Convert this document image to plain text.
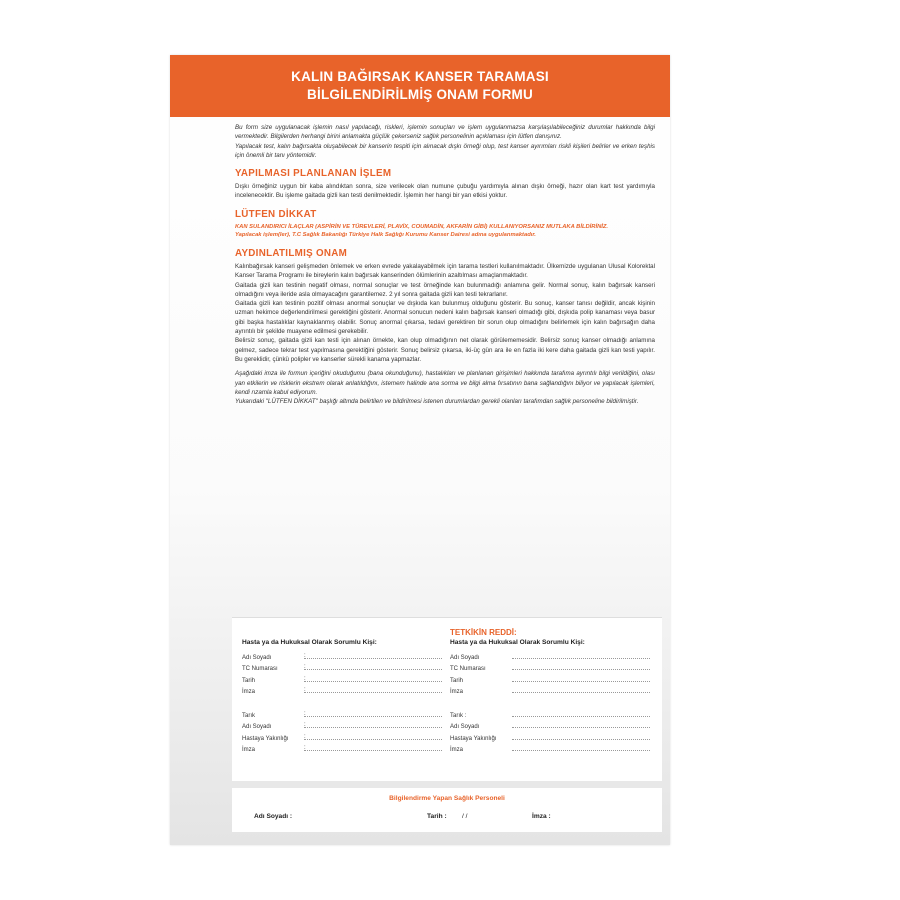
KALIN BAĞIRSAK KANSER TARAMASI
BİLGİLENDİRİLMİŞ ONAM FORMU

Bu form size uygulanacak işlemin nasıl yapılacağı, riskleri, işlemin sonuçları ve işlem uygulanmazsa karşılaşılabileceğiniz durumlar hakkında bilgi vermektedir. Bilgilerden herhangi birini anlamakta güçlük çekerseniz sağlık personelinin açıklaması için lütfen danışınız.

Yapılacak test, kalın bağırsakta oluşabilecek bir kanserin tespiti için alınacak dışkı örneği olup, test kanser ayırımları riskli kişileri belirler ve erken teşhis için önemli bir tanı yöntemidir.

YAPILMASI PLANLANAN İŞLEM

Dışkı örneğiniz uygun bir kaba alındıktan sonra, size verilecek olan numune çubuğu yardımıyla alınan dışkı örneği, hazır olan kart test yardımıyla incelenecektir. Bu işleme gaitada gizli kan testi denilmektedir. İşlemin her hangi bir yan etkisi yoktur.

LÜTFEN DİKKAT
KAN SULANDIRICI İLAÇLAR (ASPİRİN VE TÜREVLERİ, PLAVİX, COUMADİN, AKFARİN GİBİ) KULLANIYORSANIZ MUTLAKA BİLDİRİNİZ.
Yapılacak işlem(ler), T.C Sağlık Bakanlığı Türkiye Halk Sağlığı Kurumu Kanser Dairesi adına uygulanmaktadır.
AYDINLATILMIŞ ONAM

Kalınbağırsak kanseri gelişmeden önlemek ve erken evrede yakalayabilmek için tarama testleri kullanılmaktadır. Ülkemizde uygulanan Ulusal Kolorektal Kanser Tarama Programı ile bireylerin kalın bağırsak kanserinden ölümlerinin azaltılması amaçlanmaktadır.

Gaitada gizli kan testinin negatif olması, normal sonuçlar ve test örneğinde kan bulunmadığı anlamına gelir. Normal sonuç, kalın bağırsak kanseri olmadığını veya ileride asla olmayacağını garantilemez. 2 yıl sonra gaitada gizli kan testi tekrarlanır.

Gaitada gizli kan testinin pozitif olması anormal sonuçlar ve dışkıda kan bulunmuş olduğunu gösterir. Bu sonuç, kanser tanısı değildir, ancak kişinin uzman hekimce değerlendirilmesi gerektiğini gösterir. Anormal sonucun nedeni kalın bağırsak kanseri olmadığı gibi, dışkıda polip kanaması veya basur gibi başka hastalıklar kaynaklanmış olabilir. Sonuç anormal çıkarsa, tedavi gerektiren bir sorun olup olmadığını belirlemek için kalın bağırsağın daha ayrıntılı bir şekilde muayene edilmesi gerekebilir.

Belirsiz sonuç, gaitada gizli kan testi için alınan örnekte, kan olup olmadığının net olarak görülememesidir. Belirsiz sonuç kanser olmadığı anlamına gelmez, sadece tekrar test yapılmasına gerektiğini gösterir. Sonuç belirsiz çıkarsa, iki-üç gün ara ile en fazla iki kere daha gaitada gizli kan testi yapılır. Bu gereklidir, çünkü polipler ve kanserler sürekli kanama yapmazlar.

Aşağıdaki imza ile formun içeriğini okuduğumu (bana okunduğunu), hastalıkları ve planlanan girişimleri hakkında tarafıma ayrıntılı bilgi verildiğini, olası yan etkilerin ve risklerin ekstrem olarak anlatıldığını, istemem halinde ana sorma ve bilgi alma fırsatının bana sağlandığını biliyor ve yapılacak işlemleri, kendi rızamla kabul ediyorum.

Yukarıdaki "LÜTFEN DİKKAT" başlığı altında belirtilen ve bildirilmesi istenen durumlardan gerekli olanları tarafımdan sağlık personeline bildirilmiştir.

Hasta ya da Hukuksal Olarak Sorumlu Kişi:
Adı Soyadı	:
TC Numarası	:
Tarih	:
İmza	:
Tarık	:
Adı Soyadı	:
Hastaya Yakınlığı	:
İmza	:
TETKİKİN REDDİ:
Hasta ya da Hukuksal Olarak Sorumlu Kişi:
Adı Soyadı
TC Numarası
Tarih
İmza
Tarık :
Adı Soyadı
Hastaya Yakınlığı
İmza
Bilgilendirme Yapan Sağlık Personeli
Adı Soyadı :	Tarih : / /	İmza :
